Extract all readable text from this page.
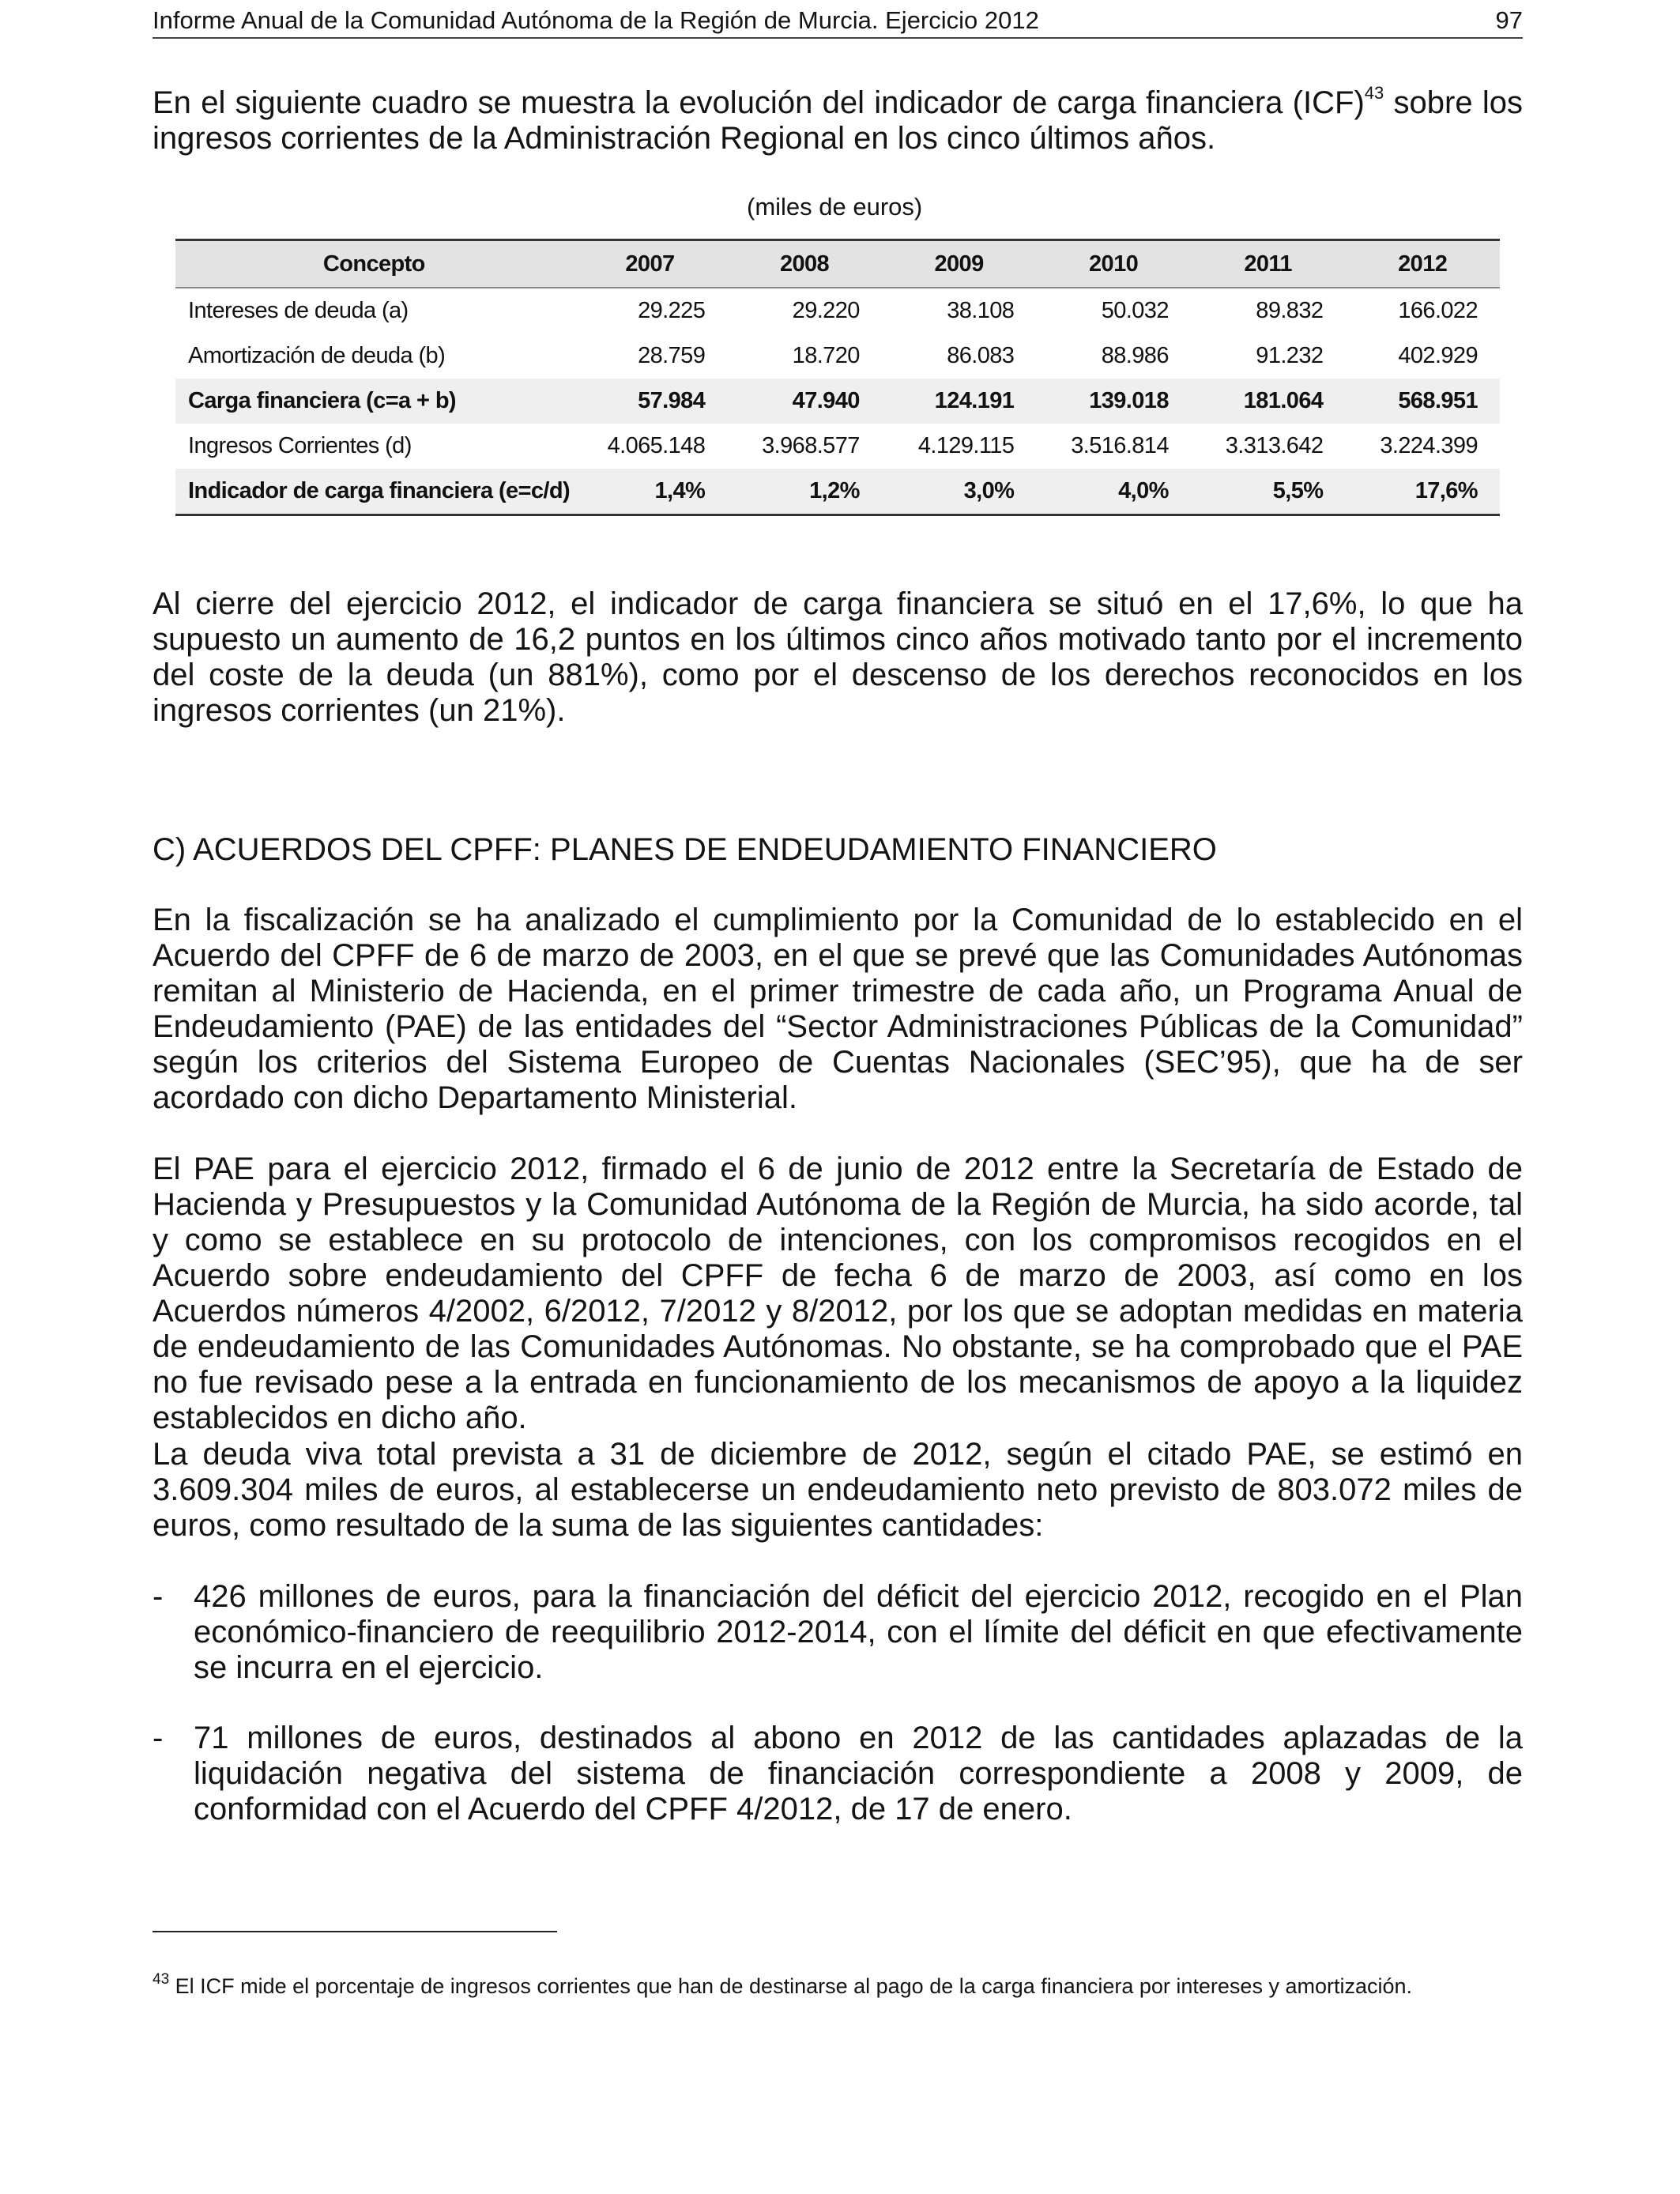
Informe Anual de la Comunidad Autónoma de la Región de Murcia. Ejercicio 2012	97

En el siguiente cuadro se muestra la evolución del indicador de carga financiera (ICF)$^{43}$ sobre los ingresos corrientes de la Administración Regional en los cinco últimos años.

(miles de euros)
Concepto	2007	2008	2009	2010	2011	2012
Intereses de deuda (a)	29.225	29.220	38.108	50.032	89.832	166.022
Amortización de deuda (b)	28.759	18.720	86.083	88.986	91.232	402.929
Carga financiera (c=a + b)	57.984	47.940	124.191	139.018	181.064	568.951
Ingresos Corrientes (d)	4.065.148	3.968.577	4.129.115	3.516.814	3.313.642	3.224.399
Indicador de carga financiera (e=c/d)	1,4%	1,2%	3,0%	4,0%	5,5%	17,6%

Al cierre del ejercicio 2012, el indicador de carga financiera se situó en el 17,6%, lo que ha supuesto un aumento de 16,2 puntos en los últimos cinco años motivado tanto por el incremento del coste de la deuda (un 881%), como por el descenso de los derechos reconocidos en los ingresos corrientes (un 21%).

C) ACUERDOS DEL CPFF: PLANES DE ENDEUDAMIENTO FINANCIERO

En la fiscalización se ha analizado el cumplimiento por la Comunidad de lo establecido en el Acuerdo del CPFF de 6 de marzo de 2003, en el que se prevé que las Comunidades Autónomas remitan al Ministerio de Hacienda, en el primer trimestre de cada año, un Programa Anual de Endeudamiento (PAE) de las entidades del “Sector Administraciones Públicas de la Comunidad” según los criterios del Sistema Europeo de Cuentas Nacionales (SEC’95), que ha de ser acordado con dicho Departamento Ministerial.

El PAE para el ejercicio 2012, firmado el 6 de junio de 2012 entre la Secretaría de Estado de Hacienda y Presupuestos y la Comunidad Autónoma de la Región de Murcia, ha sido acorde, tal y como se establece en su protocolo de intenciones, con los compromisos recogidos en el Acuerdo sobre endeudamiento del CPFF de fecha 6 de marzo de 2003, así como en los Acuerdos números 4/2002, 6/2012, 7/2012 y 8/2012, por los que se adoptan medidas en materia de endeudamiento de las Comunidades Autónomas. No obstante, se ha comprobado que el PAE no fue revisado pese a la entrada en funcionamiento de los mecanismos de apoyo a la liquidez establecidos en dicho año.

La deuda viva total prevista a 31 de diciembre de 2012, según el citado PAE, se estimó en 3.609.304 miles de euros, al establecerse un endeudamiento neto previsto de 803.072 miles de euros, como resultado de la suma de las siguientes cantidades:

- 426 millones de euros, para la financiación del déficit del ejercicio 2012, recogido en el Plan económico-financiero de reequilibrio 2012-2014, con el límite del déficit en que efectivamente se incurra en el ejercicio.
- 71 millones de euros, destinados al abono en 2012 de las cantidades aplazadas de la liquidación negativa del sistema de financiación correspondiente a 2008 y 2009, de conformidad con el Acuerdo del CPFF 4/2012, de 17 de enero.
$^{43}$ El ICF mide el porcentaje de ingresos corrientes que han de destinarse al pago de la carga financiera por intereses y amortización.
